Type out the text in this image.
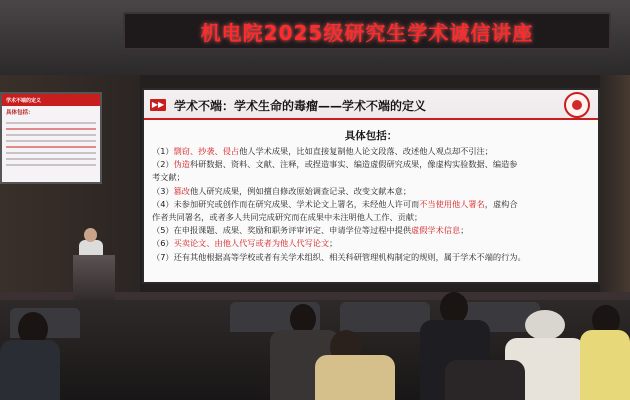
机电院2025级研究生学术诚信讲座
学术不端的定义
具体包括：
▶▶ 学术不端：学术生命的毒瘤——学术不端的定义
具体包括：

（1）剽窃、抄袭、侵占他人学术成果，比如直接复制他人论文段落、改述他人观点却不引注；

（2）伪造科研数据、资料、文献、注释，或捏造事实、编造虚假研究成果，像虚构实验数据、编造参

考文献；

（3）篡改他人研究成果，例如擅自修改原始调查记录、改变文献本意；

（4）未参加研究或创作而在研究成果、学术论文上署名，未经他人许可而不当使用他人署名，虚构合

作者共同署名，或者多人共同完成研究而在成果中未注明他人工作、贡献；

（5）在申报课题、成果、奖励和职务评审评定、申请学位等过程中提供虚假学术信息；

（6）买卖论文、由他人代写或者为他人代写论文；

（7）还有其他根据高等学校或者有关学术组织、相关科研管理机构制定的规则，属于学术不端的行为。
